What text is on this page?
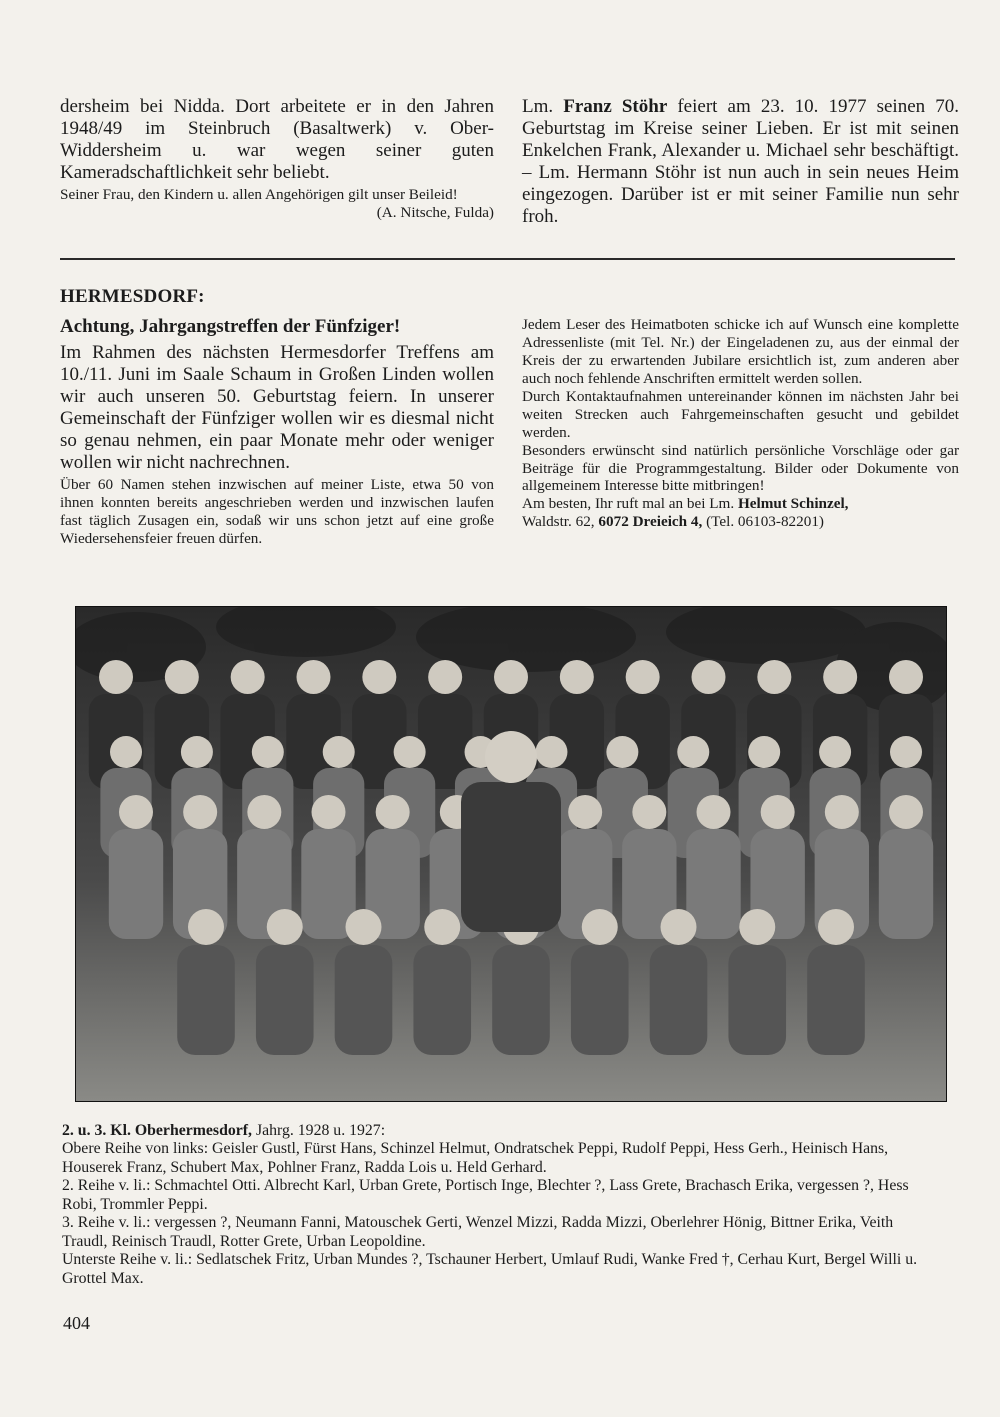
dersheim bei Nidda. Dort arbeitete er in den Jahren 1948/49 im Steinbruch (Basaltwerk) v. Ober-Widdersheim u. war wegen seiner guten Kameradschaftlichkeit sehr beliebt.

Seiner Frau, den Kindern u. allen Angehörigen gilt unser Beileid!
(A. Nitsche, Fulda)

Lm. Franz Stöhr feiert am 23. 10. 1977 seinen 70. Geburtstag im Kreise seiner Lieben. Er ist mit seinen Enkelchen Frank, Alexander u. Michael sehr beschäftigt. – Lm. Hermann Stöhr ist nun auch in sein neues Heim eingezogen. Darüber ist er mit seiner Familie nun sehr froh.

HERMESDORF:
Achtung, Jahrgangstreffen der Fünfziger!

Im Rahmen des nächsten Hermesdorfer Treffens am 10./11. Juni im Saale Schaum in Großen Linden wollen wir auch unseren 50. Geburtstag feiern. In unserer Gemeinschaft der Fünfziger wollen wir es diesmal nicht so genau nehmen, ein paar Monate mehr oder weniger wollen wir nicht nachrechnen.

Über 60 Namen stehen inzwischen auf meiner Liste, etwa 50 von ihnen konnten bereits angeschrieben werden und inzwischen laufen fast täglich Zusagen ein, sodaß wir uns schon jetzt auf eine große Wiedersehensfeier freuen dürfen.

Jedem Leser des Heimatboten schicke ich auf Wunsch eine komplette Adressenliste (mit Tel. Nr.) der Eingeladenen zu, aus der einmal der Kreis der zu erwartenden Jubilare ersichtlich ist, zum anderen aber auch noch fehlende Anschriften ermittelt werden sollen.

Durch Kontaktaufnahmen untereinander können im nächsten Jahr bei weiten Strecken auch Fahrgemeinschaften gesucht und gebildet werden.

Besonders erwünscht sind natürlich persönliche Vorschläge oder gar Beiträge für die Programmgestaltung. Bilder oder Dokumente von allgemeinem Interesse bitte mitbringen!

Am besten, Ihr ruft mal an bei Lm. Helmut Schinzel,
Waldstr. 62, 6072 Dreieich 4, (Tel. 06103-82201)

2. u. 3. Kl. Oberhermesdorf, Jahrg. 1928 u. 1927:

Obere Reihe von links: Geisler Gustl, Fürst Hans, Schinzel Helmut, Ondratschek Peppi, Rudolf Peppi, Hess Gerh., Heinisch Hans, Houserek Franz, Schubert Max, Pohlner Franz, Radda Lois u. Held Gerhard.

2. Reihe v. li.: Schmachtel Otti. Albrecht Karl, Urban Grete, Portisch Inge, Blechter ?, Lass Grete, Brachasch Erika, vergessen ?, Hess Robi, Trommler Peppi.

3. Reihe v. li.: vergessen ?, Neumann Fanni, Matouschek Gerti, Wenzel Mizzi, Radda Mizzi, Oberlehrer Hönig, Bittner Erika, Veith Traudl, Reinisch Traudl, Rotter Grete, Urban Leopoldine.

Unterste Reihe v. li.: Sedlatschek Fritz, Urban Mundes ?, Tschauner Herbert, Umlauf Rudi, Wanke Fred †, Cerhau Kurt, Bergel Willi u. Grottel Max.

404
